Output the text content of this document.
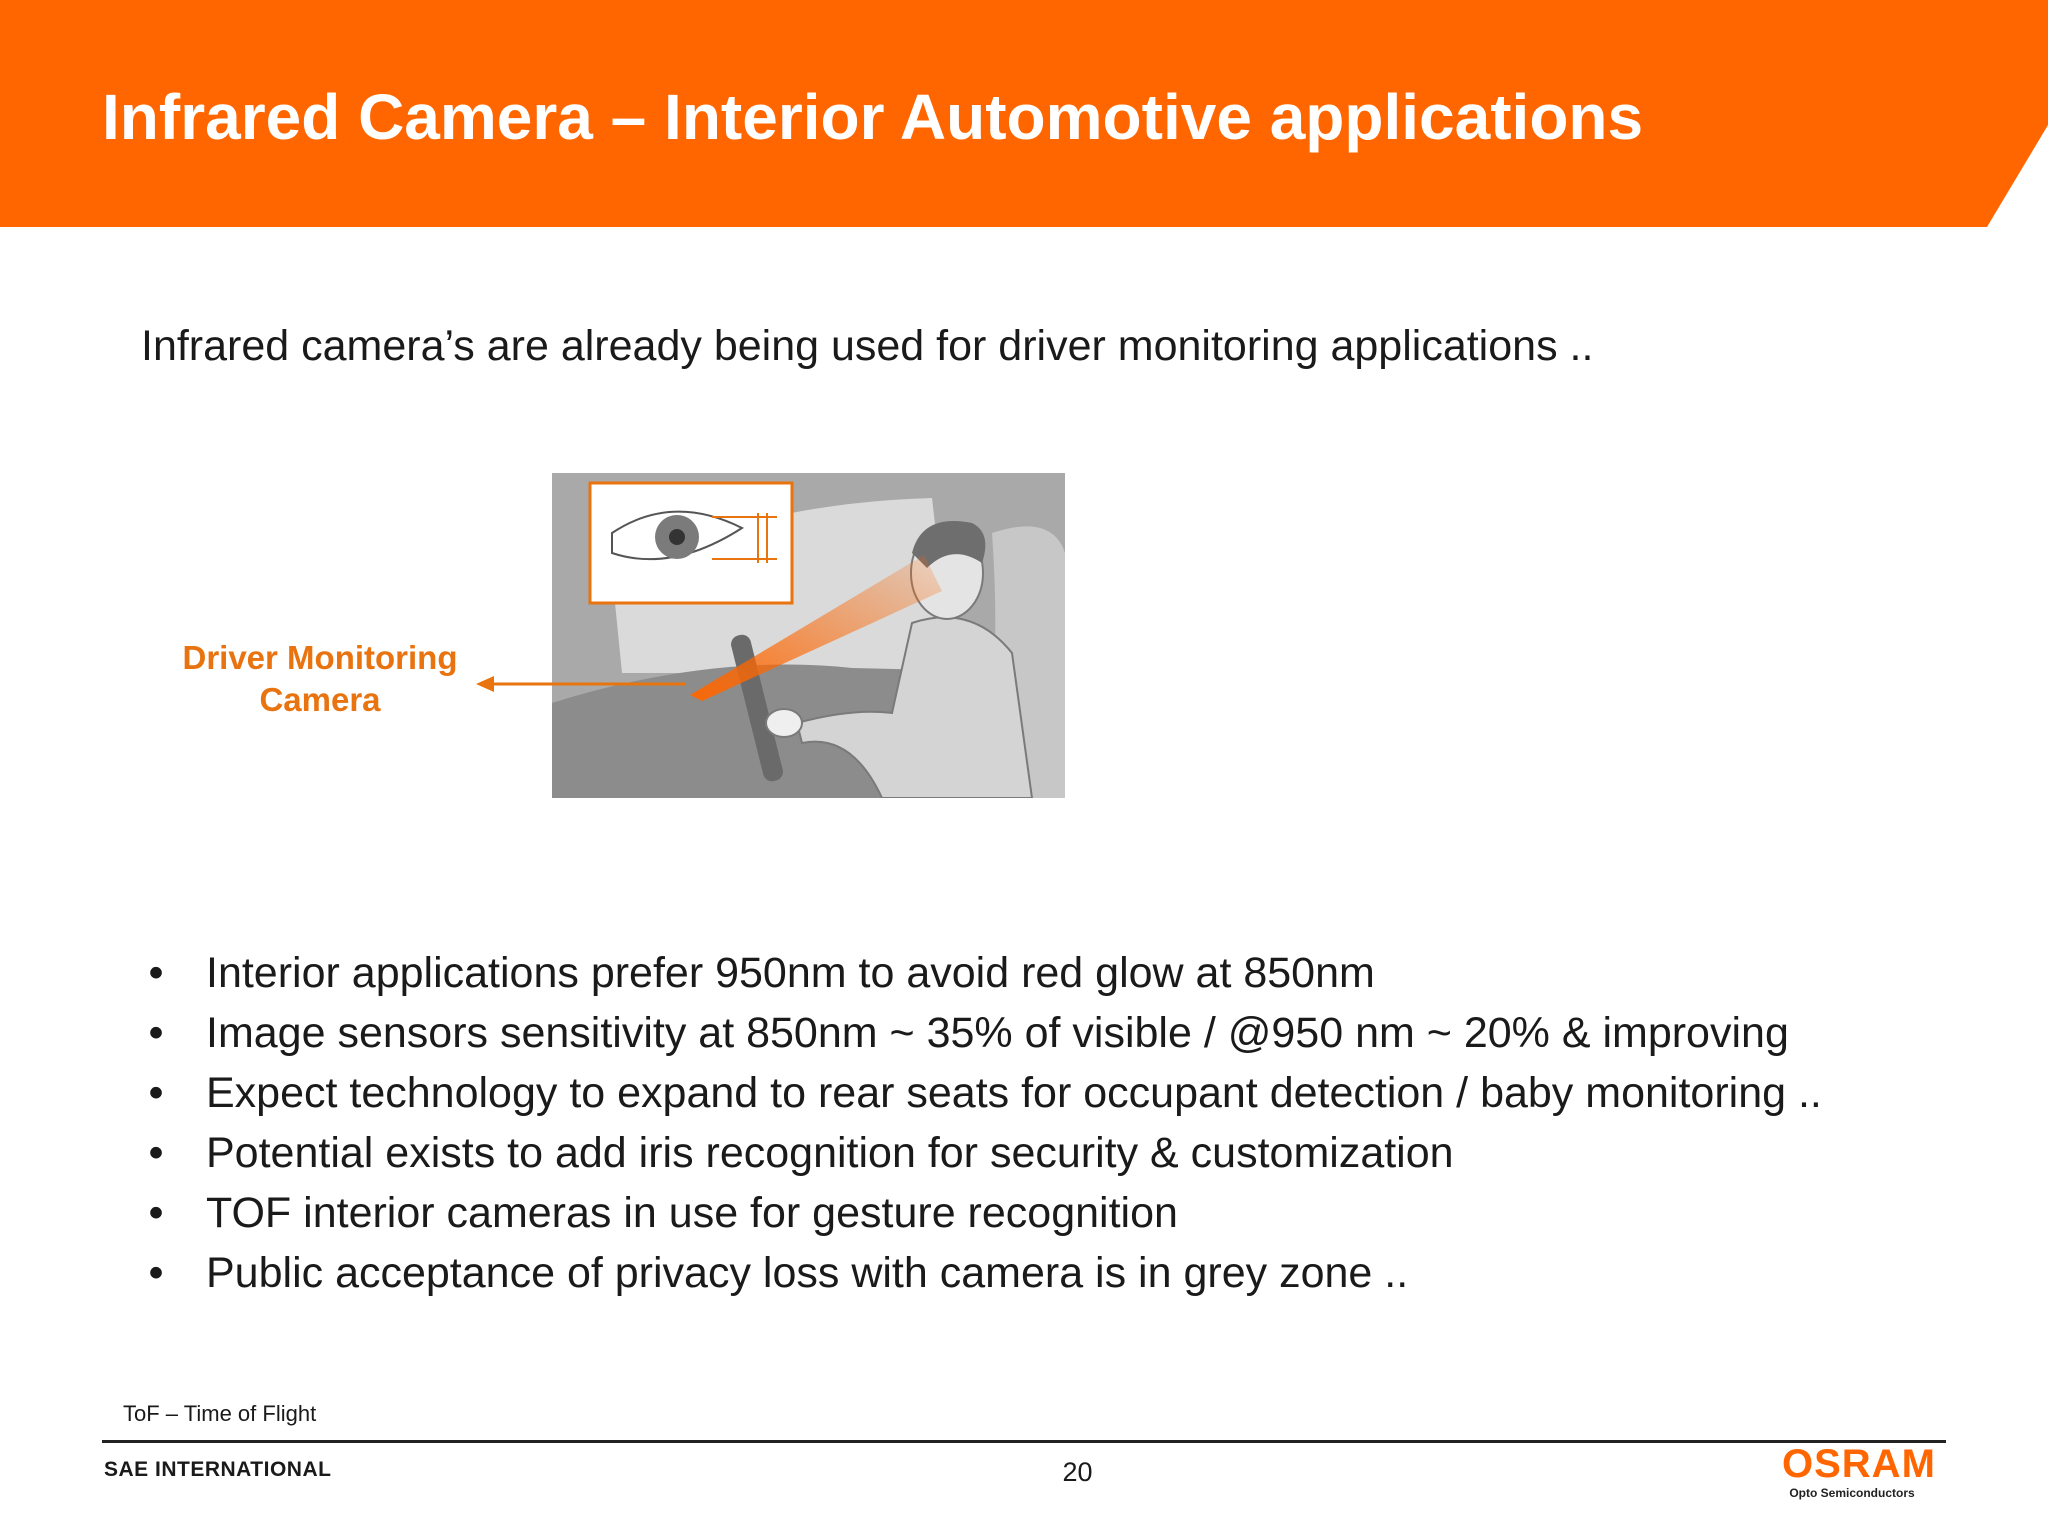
Infrared Camera – Interior Automotive applications
Infrared camera’s are already being used for driver monitoring applications ..
Driver Monitoring
Camera
• Interior applications prefer 950nm to avoid red glow at 850nm
• Image sensors sensitivity at 850nm ~ 35% of visible / @950 nm ~ 20% & improving
• Expect technology to expand to rear seats for occupant detection / baby monitoring ..
• Potential exists to add iris recognition for security & customization
• TOF interior cameras in use for gesture recognition
• Public acceptance of privacy loss with camera is in grey zone ..
ToF – Time of Flight
SAE INTERNATIONAL	20	OSRAM
Opto Semiconductors
